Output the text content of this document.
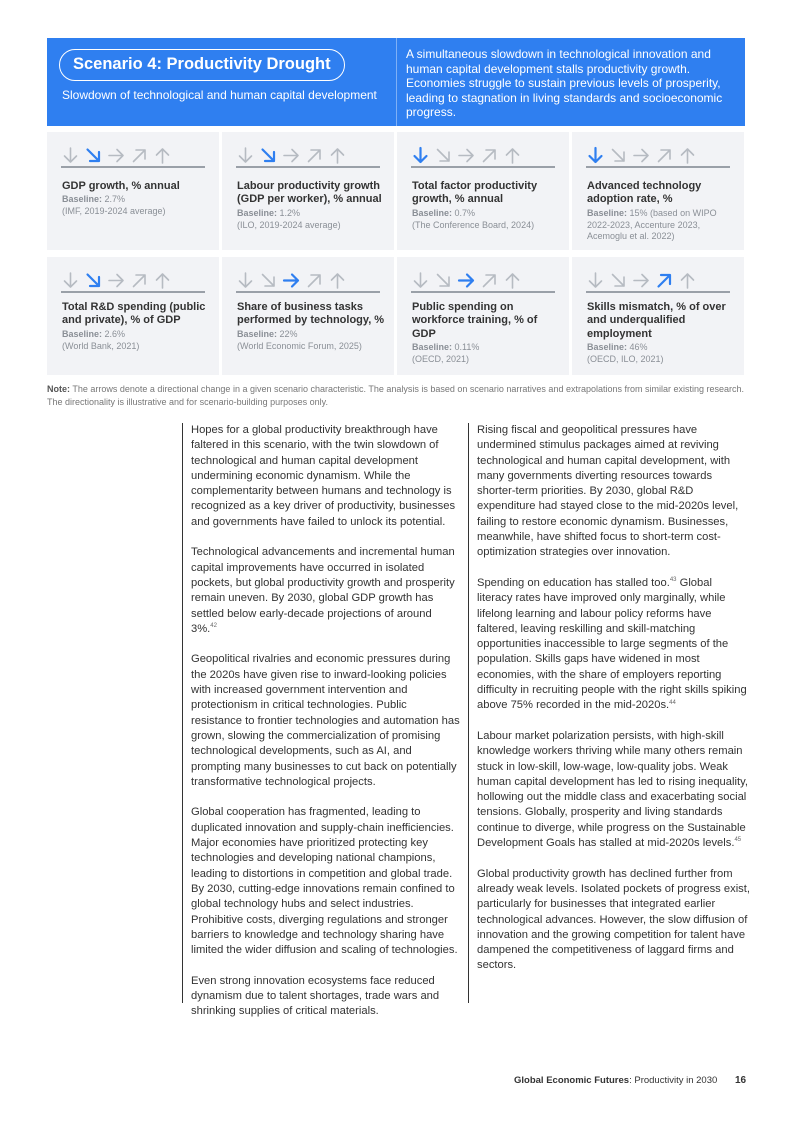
Scenario 4: Productivity Drought
Slowdown of technological and human capital development
A simultaneous slowdown in technological innovation and human capital development stalls productivity growth. Economies struggle to sustain previous levels of prosperity, leading to stagnation in living standards and socioeconomic progress.
GDP growth, % annual
Baseline: 2.7%
(IMF, 2019-2024 average)
Labour productivity growth (GDP per worker), % annual
Baseline: 1.2%
(ILO, 2019-2024 average)
Total factor productivity growth, % annual
Baseline: 0.7%
(The Conference Board, 2024)
Advanced technology adoption rate, %
Baseline: 15% (based on WIPO 2022-2023, Accenture 2023, Acemoglu et al. 2022)
Total R&D spending (public and private), % of GDP
Baseline: 2.6%
(World Bank, 2021)
Share of business tasks performed by technology, %
Baseline: 22%
(World Economic Forum, 2025)
Public spending on workforce training, % of GDP
Baseline: 0.11%
(OECD, 2021)
Skills mismatch, % of over and underqualified employment
Baseline: 46%
(OECD, ILO, 2021)
Note: The arrows denote a directional change in a given scenario characteristic. The analysis is based on scenario narratives and extrapolations from similar existing research. The directionality is illustrative and for scenario-building purposes only.

Hopes for a global productivity breakthrough have faltered in this scenario, with the twin slowdown of technological and human capital development undermining economic dynamism. While the complementarity between humans and technology is recognized as a key driver of productivity, businesses and governments have failed to unlock its potential.

Technological advancements and incremental human capital improvements have occurred in isolated pockets, but global productivity growth and prosperity remain uneven. By 2030, global GDP growth has settled below early-decade projections of around 3%.$^{42}$

Geopolitical rivalries and economic pressures during the 2020s have given rise to inward-looking policies with increased government intervention and protectionism in critical technologies. Public resistance to frontier technologies and automation has grown, slowing the commercialization of promising technological developments, such as AI, and prompting many businesses to cut back on potentially transformative technological projects.

Global cooperation has fragmented, leading to duplicated innovation and supply-chain inefficiencies. Major economies have prioritized protecting key technologies and developing national champions, leading to distortions in competition and global trade. By 2030, cutting-edge innovations remain confined to global technology hubs and select industries. Prohibitive costs, diverging regulations and stronger barriers to knowledge and technology sharing have limited the wider diffusion and scaling of technologies.

Even strong innovation ecosystems face reduced dynamism due to talent shortages, trade wars and shrinking supplies of critical materials.

Rising fiscal and geopolitical pressures have undermined stimulus packages aimed at reviving technological and human capital development, with many governments diverting resources towards shorter-term priorities. By 2030, global R&D expenditure had stayed close to the mid-2020s level, failing to restore economic dynamism. Businesses, meanwhile, have shifted focus to short-term cost-optimization strategies over innovation.

Spending on education has stalled too.$^{43}$ Global literacy rates have improved only marginally, while lifelong learning and labour policy reforms have faltered, leaving reskilling and skill-matching opportunities inaccessible to large segments of the population. Skills gaps have widened in most economies, with the share of employers reporting difficulty in recruiting people with the right skills spiking above 75% recorded in the mid-2020s.$^{44}$

Labour market polarization persists, with high-skill knowledge workers thriving while many others remain stuck in low-skill, low-wage, low-quality jobs. Weak human capital development has led to rising inequality, hollowing out the middle class and exacerbating social tensions. Globally, prosperity and living standards continue to diverge, while progress on the Sustainable Development Goals has stalled at mid-2020s levels.$^{45}$

Global productivity growth has declined further from already weak levels. Isolated pockets of progress exist, particularly for businesses that integrated earlier technological advances. However, the slow diffusion of innovation and the growing competition for talent have dampened the competitiveness of laggard firms and sectors.

Global Economic Futures: Productivity in 2030 16
